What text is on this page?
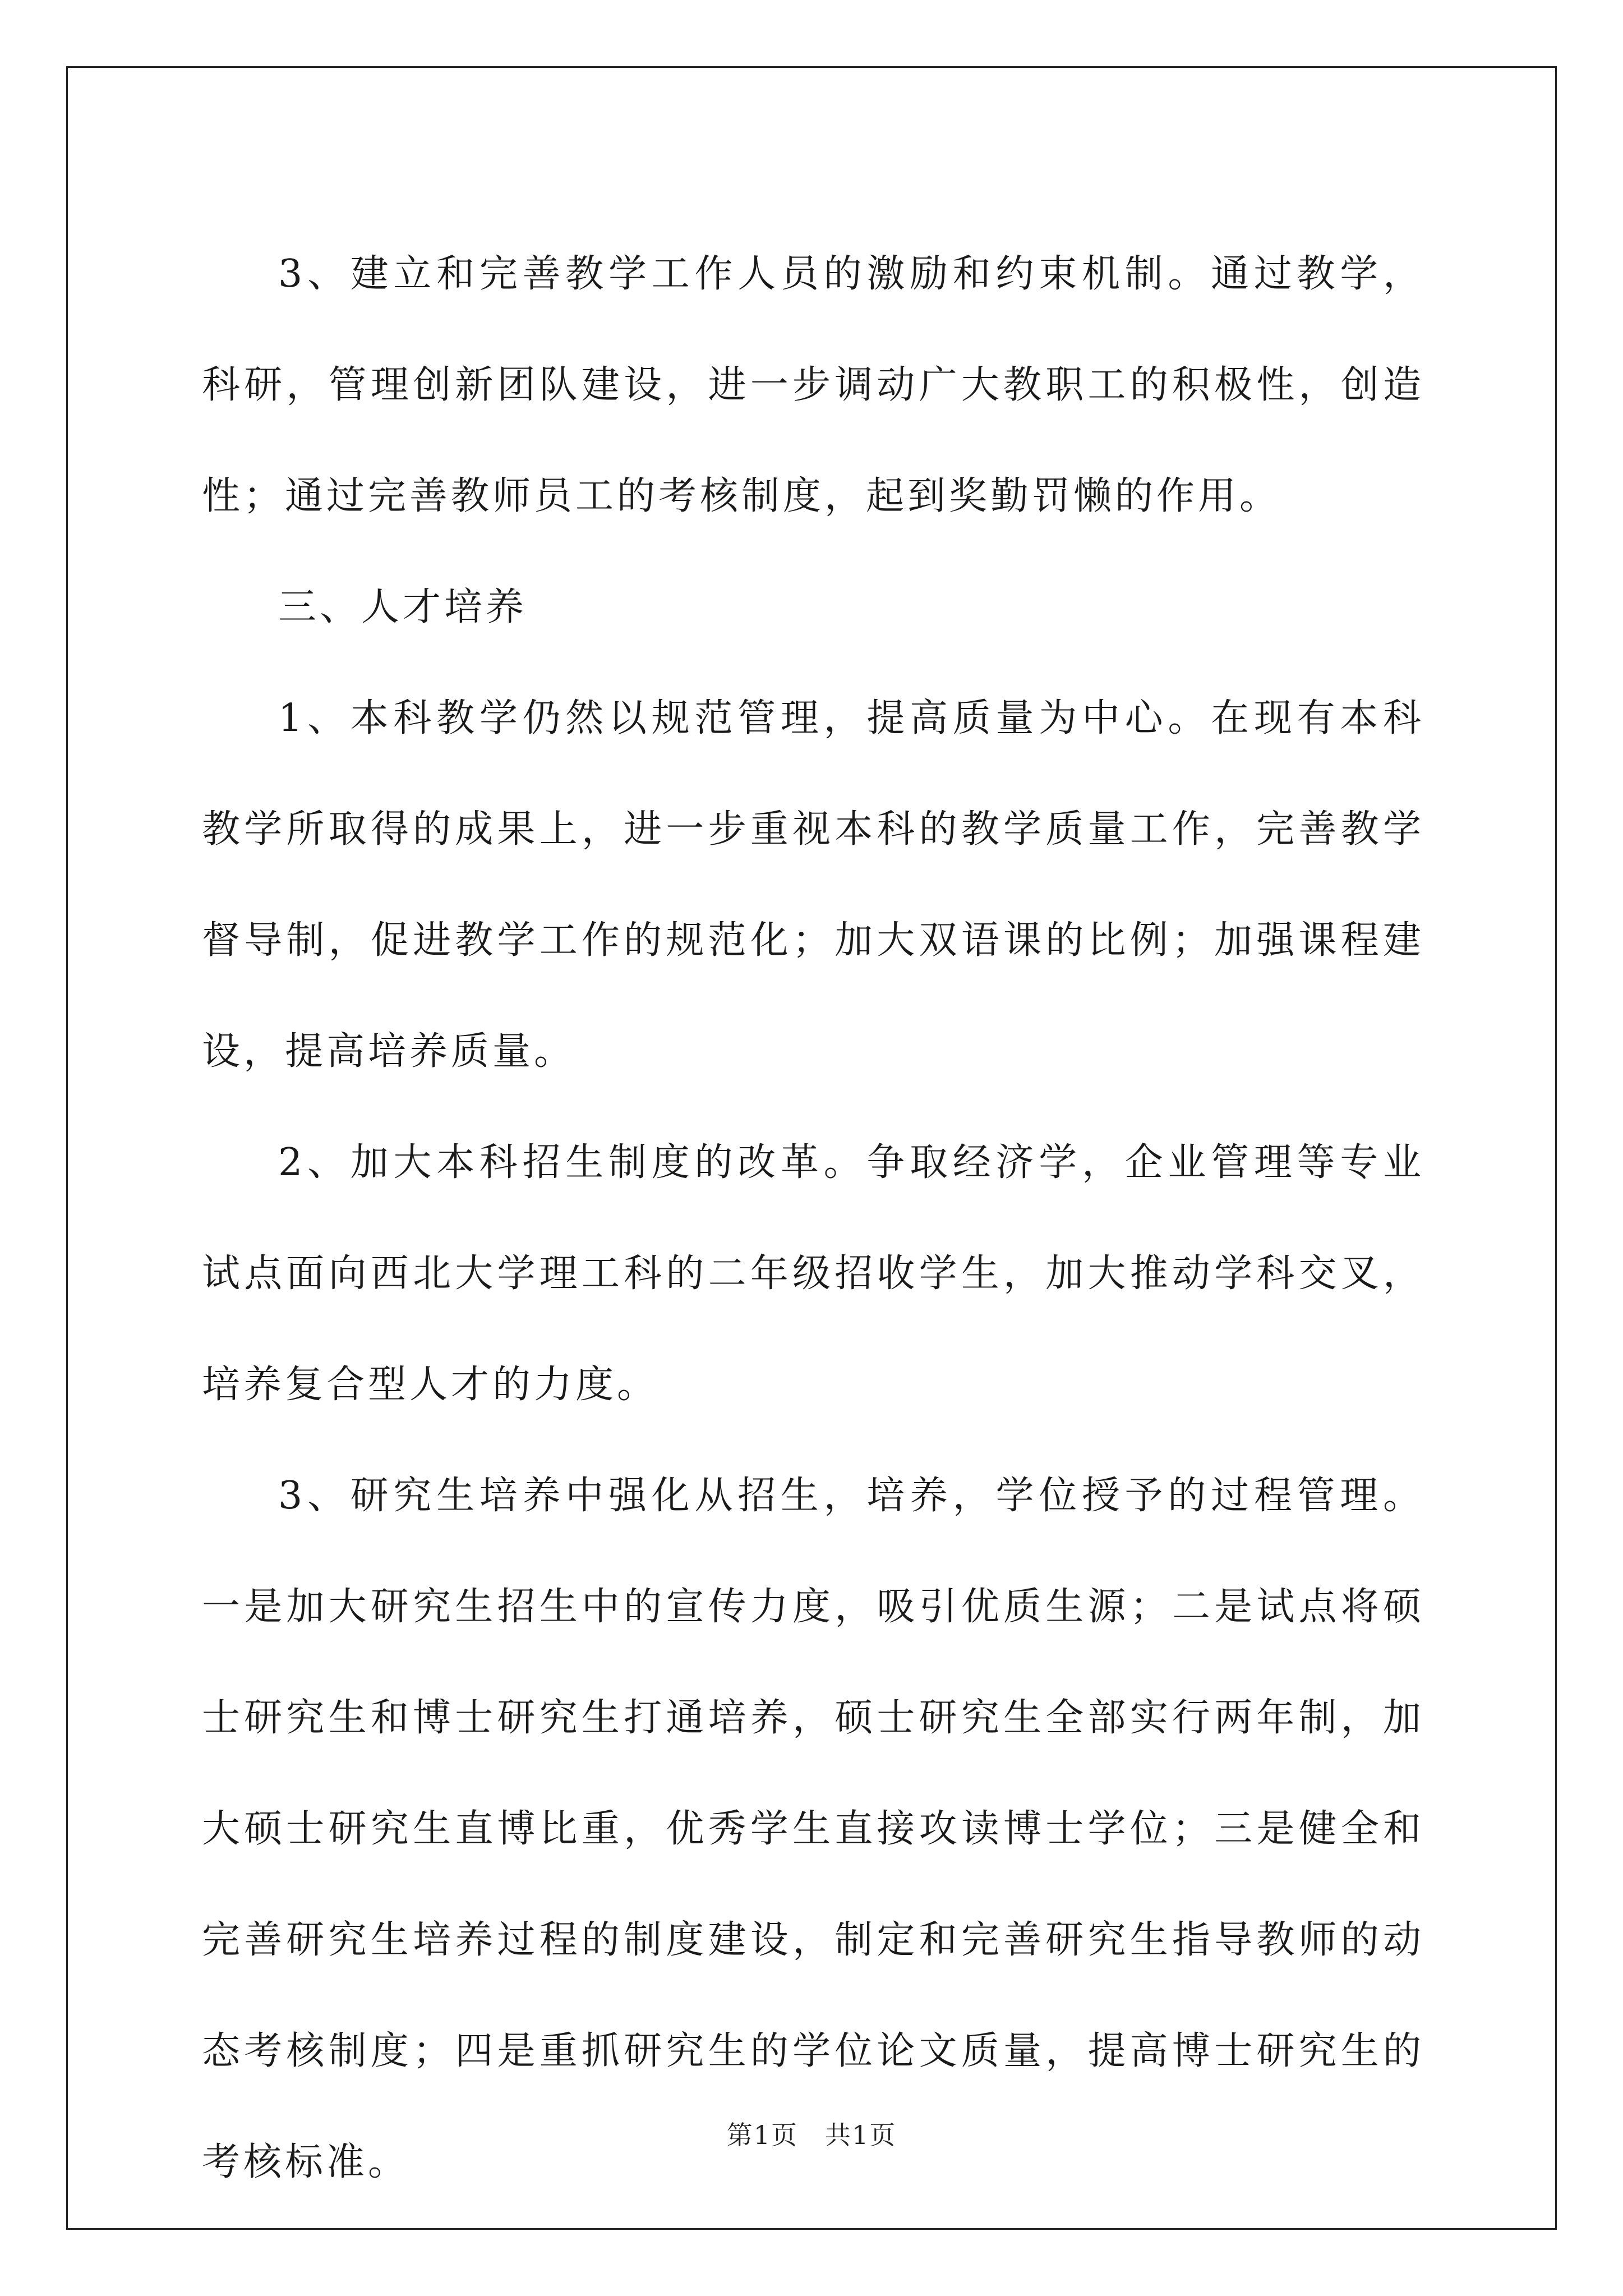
3、建立和完善教学工作人员的激励和约束机制。通过教学，科研，管理创新团队建设，进一步调动广大教职工的积极性，创造性；通过完善教师员工的考核制度，起到奖勤罚懒的作用。

三、人才培养

1、本科教学仍然以规范管理，提高质量为中心。在现有本科教学所取得的成果上，进一步重视本科的教学质量工作，完善教学督导制，促进教学工作的规范化；加大双语课的比例；加强课程建设，提高培养质量。

2、加大本科招生制度的改革。争取经济学，企业管理等专业试点面向西北大学理工科的二年级招收学生，加大推动学科交叉，培养复合型人才的力度。

3、研究生培养中强化从招生，培养，学位授予的过程管理。一是加大研究生招生中的宣传力度，吸引优质生源；二是试点将硕士研究生和博士研究生打通培养，硕士研究生全部实行两年制，加大硕士研究生直博比重，优秀学生直接攻读博士学位；三是健全和完善研究生培养过程的制度建设，制定和完善研究生指导教师的动态考核制度；四是重抓研究生的学位论文质量，提高博士研究生的考核标准。

第1页　共1页
